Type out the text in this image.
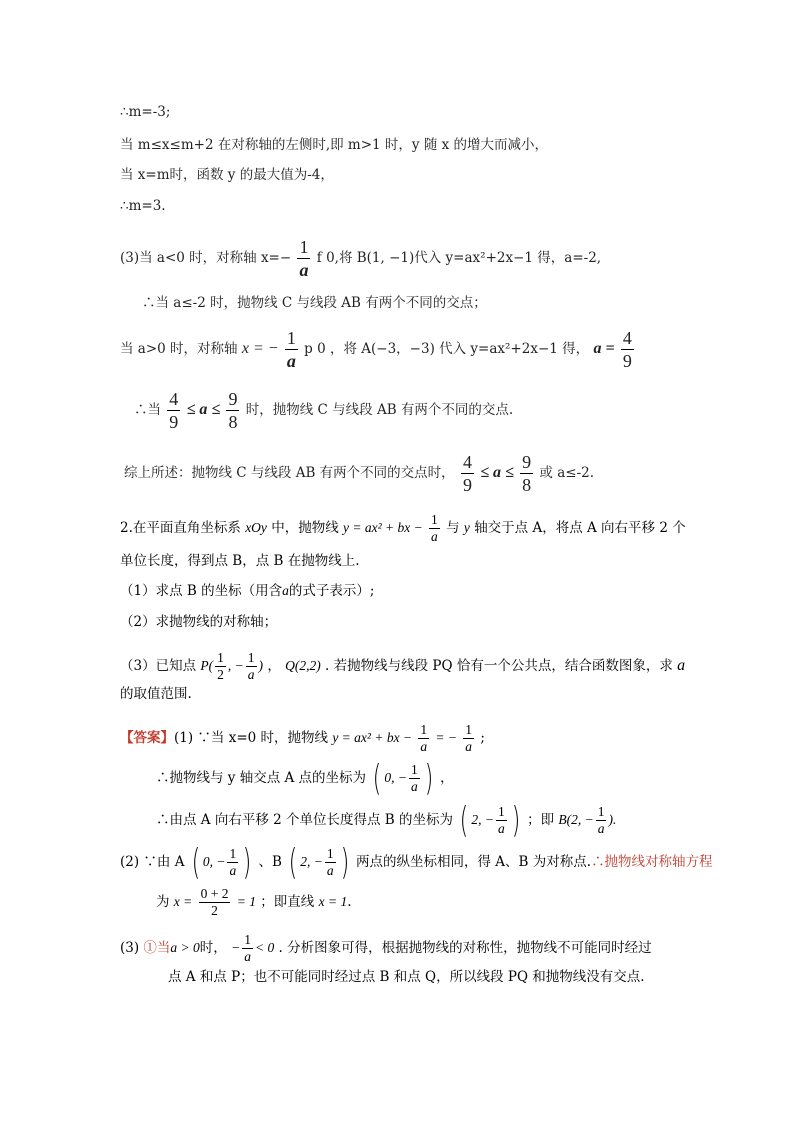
∴m=-3;
当 m≤x≤m+2 在对称轴的左侧时,即 m>1 时，y 随 x 的增大而减小，
当 x=m时，函数 y 的最大值为-4，
∴m=3.
(3)当 a<0 时，对称轴 $x=- \frac{1}{a}$ f 0,将 B(1, −1)代入 y=ax²+2x−1 得，a=-2,
∴当 a≤-2 时，抛物线 C 与线段 AB 有两个不同的交点；
当 a>0 时，对称轴 x = − $\frac{1}{a}$ p 0 ，将 A(−3，−3) 代入 y=ax²+2x−1 得， $a = \frac{4}{9}$
∴当 $\frac{4}{9} \le a \le \frac{9}{8}$ 时，抛物线 C 与线段 AB 有两个不同的交点.
综上所述：抛物线 C 与线段 AB 有两个不同的交点时， $\frac{4}{9} \le a \le \frac{9}{8}$ 或 a≤-2.
2.在平面直角坐标系 xOy 中，抛物线 y = ax² + bx − $\frac{1}{a}$ 与 y 轴交于点 A，将点 A 向右平移 2 个
单位长度，得到点 B，点 B 在抛物线上.
（1）求点 B 的坐标（用含a的式子表示）;
（2）求抛物线的对称轴；
（3）已知点 $P( \frac{1}{2}$ , − $\frac{1}{a}$ ) ， Q(2,2) . 若抛物线与线段 PQ 恰有一个公共点，结合函数图象，求 a
的取值范围.
【答案】(1) ∵当 x=0 时，抛物线 y = ax² + bx − $\frac{1}{a}$ = − $\frac{1}{a}$ ;
∴抛物线与 y 轴交点 A 点的坐标为 ( 0, − $\frac{1}{a}$ ) ，
∴由点 A 向右平移 2 个单位长度得点 B 的坐标为 ( 2, − $\frac{1}{a}$ ) ；即 B(2, − $\frac{1}{a}$ ).
(2) ∵由 A ( 0, − $\frac{1}{a}$ ) 、B ( 2, − $\frac{1}{a}$ ) 两点的纵坐标相同，得 A、B 为对称点.∴抛物线对称轴方程
为 $x = \frac{0 + 2}{2} = 1$ ；即直线 x = 1.
(3) ①当a > 0时， − $\frac{1}{a} < 0$ . 分析图象可得，根据抛物线的对称性，抛物线不可能同时经过
点 A 和点 P；也不可能同时经过点 B 和点 Q，所以线段 PQ 和抛物线没有交点.
